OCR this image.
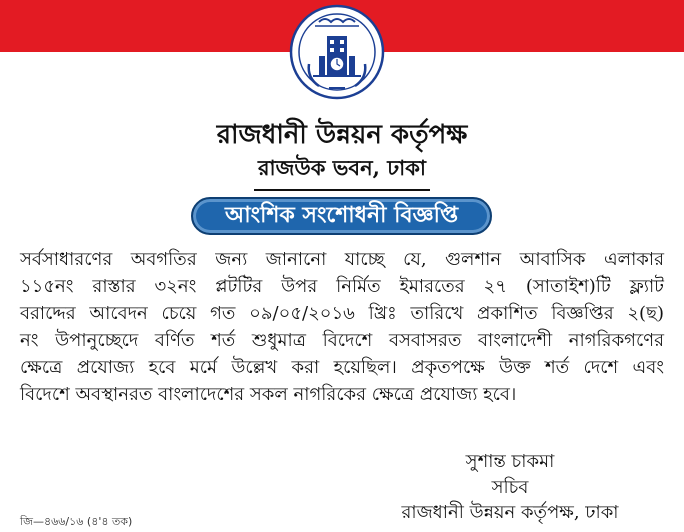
রাজধানী উন্নয়ন কর্তৃপক্ষ
রাজউক ভবন, ঢাকা
আংশিক সংশোধনী বিজ্ঞপ্তি
সর্বসাধারণের অবগতির জন্য জানানো যাচ্ছে যে, গুলশান আবাসিক এলাকার
১১৫নং রাস্তার ৩২নং প্লটটির উপর নির্মিত ইমারতের ২৭ (সাতাইশ)টি ফ্ল্যাট
বরাদ্দের আবেদন চেয়ে গত ০৯/০৫/২০১৬ খ্রিঃ তারিখে প্রকাশিত বিজ্ঞপ্তির ২(ছ)
নং উপানুচ্ছেদে বর্ণিত শর্ত শুধুমাত্র বিদেশে বসবাসরত বাংলাদেশী নাগরিকগণের
ক্ষেত্রে প্রযোজ্য হবে মর্মে উল্লেখ করা হয়েছিল। প্রকৃতপক্ষে উক্ত শর্ত দেশে এবং
বিদেশে অবস্থানরত বাংলাদেশের সকল নাগরিকের ক্ষেত্রে প্রযোজ্য হবে।
সুশান্ত চাকমা
সচিব
রাজধানী উন্নয়ন কর্তৃপক্ষ, ঢাকা
জি—৪৬৬/১৬ (৪'৪ তক)
